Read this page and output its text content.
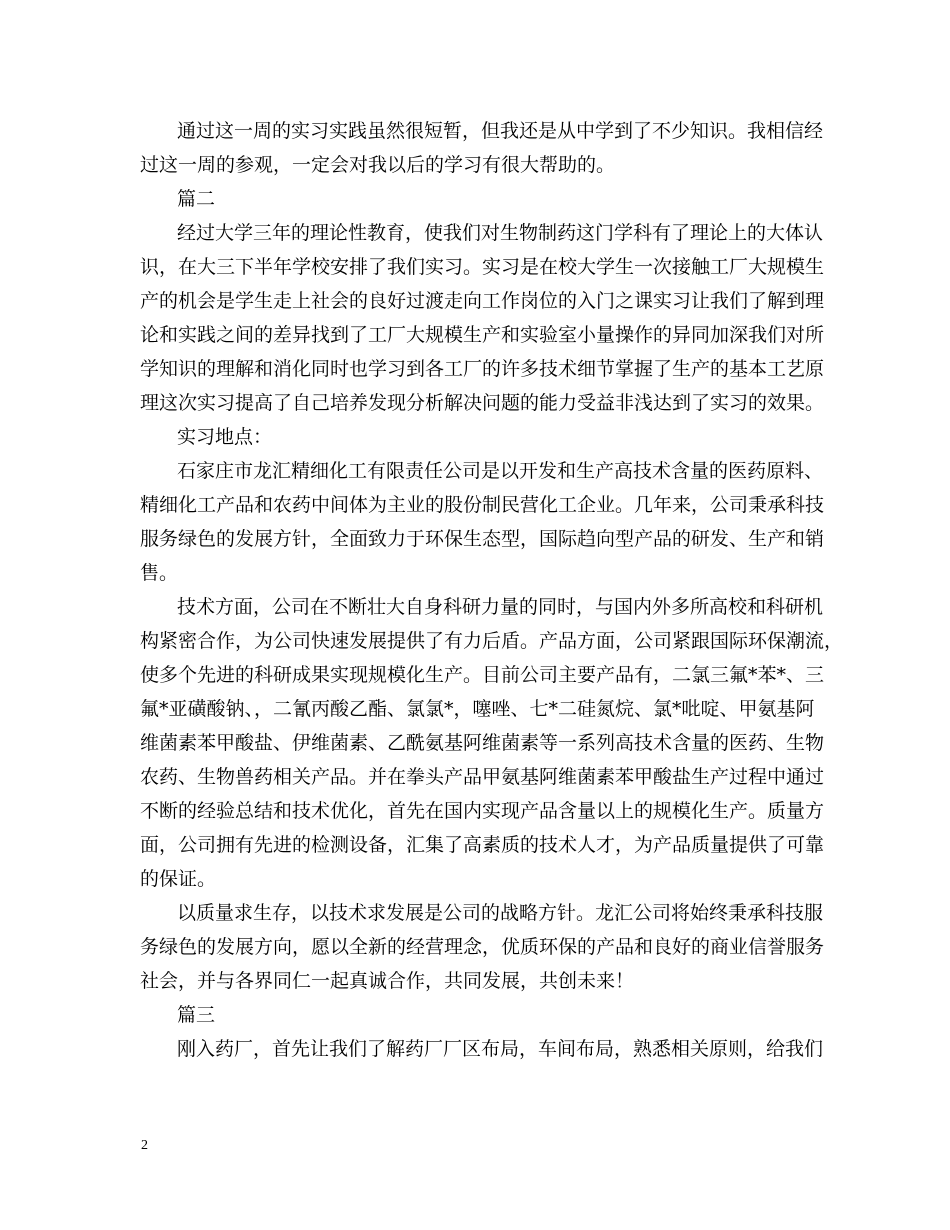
通过这一周的实习实践虽然很短暂，但我还是从中学到了不少知识。我相信经
过这一周的参观，一定会对我以后的学习有很大帮助的。
篇二
经过大学三年的理论性教育，使我们对生物制药这门学科有了理论上的大体认
识，在大三下半年学校安排了我们实习。实习是在校大学生一次接触工厂大规模生
产的机会是学生走上社会的良好过渡走向工作岗位的入门之课实习让我们了解到理
论和实践之间的差异找到了工厂大规模生产和实验室小量操作的异同加深我们对所
学知识的理解和消化同时也学习到各工厂的许多技术细节掌握了生产的基本工艺原
理这次实习提高了自己培养发现分析解决问题的能力受益非浅达到了实习的效果。
实习地点：
石家庄市龙汇精细化工有限责任公司是以开发和生产高技术含量的医药原料、
精细化工产品和农药中间体为主业的股份制民营化工企业。几年来，公司秉承科技
服务绿色的发展方针，全面致力于环保生态型，国际趋向型产品的研发、生产和销
售。
技术方面，公司在不断壮大自身科研力量的同时，与国内外多所高校和科研机
构紧密合作，为公司快速发展提供了有力后盾。产品方面，公司紧跟国际环保潮流，
使多个先进的科研成果实现规模化生产。目前公司主要产品有，二氯三氟*苯*、三
氟*亚磺酸钠、，二氰丙酸乙酯、氯氯*，噻唑、七*二硅氮烷、氯*吡啶、甲氨基阿
维菌素苯甲酸盐、伊维菌素、乙酰氨基阿维菌素等一系列高技术含量的医药、生物
农药、生物兽药相关产品。并在拳头产品甲氨基阿维菌素苯甲酸盐生产过程中通过
不断的经验总结和技术优化，首先在国内实现产品含量以上的规模化生产。质量方
面，公司拥有先进的检测设备，汇集了高素质的技术人才，为产品质量提供了可靠
的保证。
以质量求生存，以技术求发展是公司的战略方针。龙汇公司将始终秉承科技服
务绿色的发展方向，愿以全新的经营理念，优质环保的产品和良好的商业信誉服务
社会，并与各界同仁一起真诚合作，共同发展，共创未来！
篇三
刚入药厂，首先让我们了解药厂厂区布局，车间布局，熟悉相关原则，给我们
2
